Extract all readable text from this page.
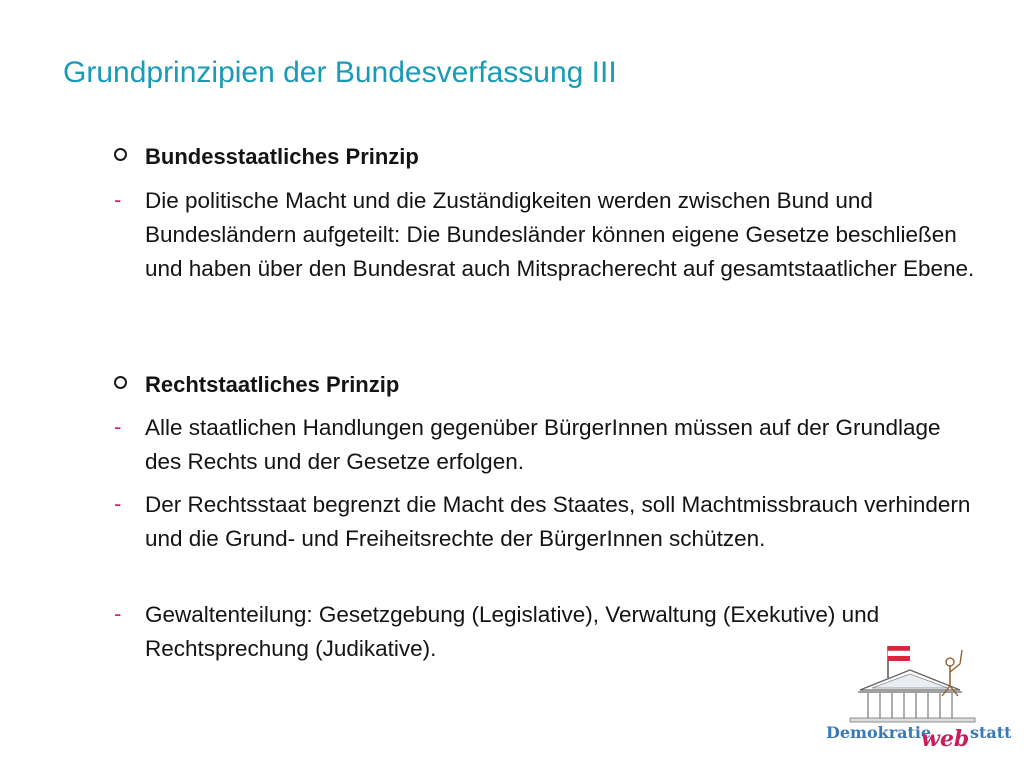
Grundprinzipien der Bundesverfassung III
Bundesstaatliches Prinzip
- Die politische Macht und die Zuständigkeiten werden zwischen Bund und Bundesländern aufgeteilt: Die Bundesländer können eigene Gesetze beschließen und haben über den Bundesrat auch Mitspracherecht auf gesamtstaatlicher Ebene.

Rechtstaatliches Prinzip
- Alle staatlichen Handlungen gegenüber BürgerInnen müssen auf der Grundlage des Rechts und der Gesetze erfolgen.

- Der Rechtsstaat begrenzt die Macht des Staates, soll Machtmissbrauch verhindern und die Grund- und Freiheitsrechte der BürgerInnen schützen.

- Gewaltenteilung: Gesetzgebung (Legislative), Verwaltung (Exekutive) und Rechtsprechung (Judikative).

Demokratie
web statt
